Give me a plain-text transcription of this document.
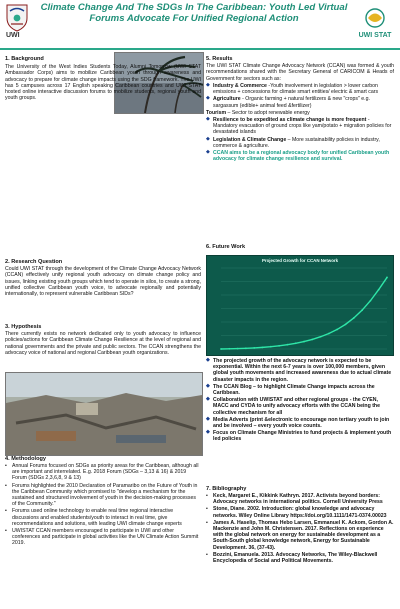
UWI
Climate Change And The SDGs In The Caribbean: Youth Led Virtual Forums Advocate For Unified Regional Action
UWI STAT
1. Background

The University of the West Indies Students Today, Alumni Tomorrow (UWI STAT Ambassador Corps) aims to mobilize Caribbean youth through awareness and advocacy to prepare for climate change impacts using the SDG framework. The UWI has 5 campuses across 17 English speaking Caribbean countries and UWI STAT hosted online interactive discussion forums to mobilize students, regional youth and youth groups.

2. Research Question

Could UWI STAT through the development of the Climate Change Advocacy Network (CCAN) effectively unify regional youth advocacy on climate change policy and issues, linking existing youth groups which tend to operate in silos, to create a strong, unified collective Caribbean youth voice, to advocate regionally and potentially internationally, to represent vulnerable Caribbean SIDs?

3. Hypothesis

There currently exists no network dedicated only to youth advocacy to influence policies/actions for Caribbean Climate Change Resilience at the level of regional and national governments and the private and public sectors. The CCAN strengthens the advocacy voice of national and regional Caribbean youth organizations.

4. Methodology
▪ Annual Forums focused on SDGs as priority areas for the Caribbean, although all are important and interrelated. E.g. 2018 Forum (SDGs – 3,13 & 16) & 2019 Forum (SDGs 2,3,6,8, 9 & 13)
▪ Forums highlighted the 2010 Declaration of Paramaribo on the Future of Youth in the Caribbean Community which promised to "develop a mechanism for the sustained and structured involvement of youth in the decision-making processes of the Community."
▪ Forums used online technology to enable real time regional interactive discussions and enabled students/youth to interact in real time, give recommendations and solutions, with leading UWI climate change experts
▪ UWISTAT CCAN members encouraged to participate in UWI and other conferences and participate in global activities like the UN Climate Action Summit 2019.
5. Results

The UWI STAT Climate Change Advocacy Network (CCAN) was formed & youth recommendations shared with the Secretary General of CARICOM & Heads of Government for sectors such as:

◆ Industry & Commerce -Youth involvement in legislation > lower carbon emissions + concessions for climate smart entities/ electric & smart cars
◆ Agriculture - Organic farming + natural fertilizers & new "crops" e.g. sargassum (edible+ animal feed &fertilizer)
Tourism – Sector to adopt renewable energy
◆ Resilience to be expedited as climate change is more frequent - Mandatory evacuation of ground crops like yam/potato + migration policies for devastated islands
◆ Legislation & Climate Change – More sustainability policies in industry, commerce & agriculture.
◆ CCAN aims to be a regional advocacy body for unified Caribbean youth advocacy for climate change resilience and survival.
6. Future Work
Projected Growth for CCAN Network
◆ The projected growth of the advocacy network is expected to be exponential. Within the next 6-7 years is over 100,000 members, given global youth movements and increased awareness due to actual climate disaster impacts in the region.
◆ The CCAN Blog – to highlight Climate Change impacts across the Caribbean.
◆ Collaboration with UWISTAT and other regional groups - the CYEN, MACC and CYDA to unify advocacy efforts with the CCAN being the collective mechanism for all
◆ Media Adverts (print &electronic to encourage non tertiary youth to join and be involved – every youth voice counts.
◆ Focus on Climate Change Ministries to fund projects & implement youth led policies
7. Bibliography
▪ Keck, Margaret E., Kikkink Kathryn. 2017. Activists beyond borders: Advocacy networks in international politics. Cornell University Press
▪ Stone, Diane. 2002. Introduction: global knowledge and advocacy networks. Wiley Online Library https://doi.org/10.1111/1471-0374.00023
▪ James A. Haselip, Thomas Hebo Larsen, Emmanuel K. Ackom, Gordon A. Mackenzie and John M. Christensen. 2017. Reflections on experience with the global network on energy for sustainable development as a South-South global knowledge network, Energy for Sustainable Development. 36, (37-43).
▪ Bozzini, Emanuela. 2013. Advocacy Networks, The Wiley-Blackwell Encyclopedia of Social and Political Movements.
